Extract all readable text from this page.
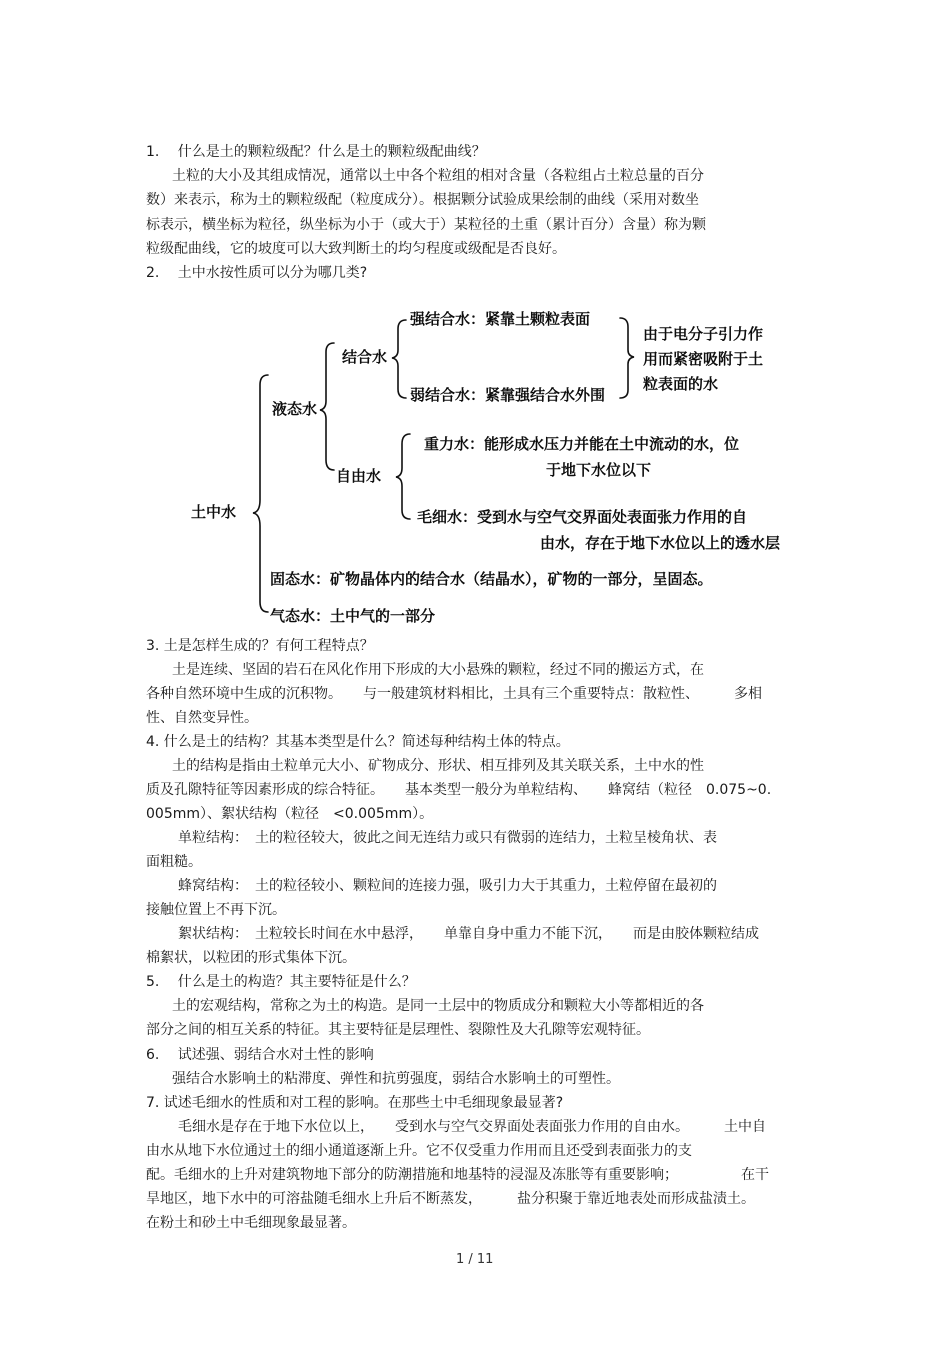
1.　 什么是土的颗粒级配？什么是土的颗粒级配曲线？
土粒的大小及其组成情况，通常以土中各个粒组的相对含量（各粒组占土粒总量的百分
数）来表示，称为土的颗粒级配（粒度成分）。根据颗分试验成果绘制的曲线（采用对数坐
标表示，横坐标为粒径，纵坐标为小于（或大于）某粒径的土重（累计百分）含量）称为颗
粒级配曲线，它的坡度可以大致判断土的均匀程度或级配是否良好。
2.　 土中水按性质可以分为哪几类?
土中水
液态水
结合水
强结合水：紧靠土颗粒表面
弱结合水：紧靠强结合水外围
由于电分子引力作
用而紧密吸附于土
粒表面的水
自由水
重力水：能形成水压力并能在土中流动的水，位
于地下水位以下
毛细水：受到水与空气交界面处表面张力作用的自
由水，存在于地下水位以上的透水层
固态水：矿物晶体内的结合水（结晶水），矿物的一部分，呈固态。
气态水：土中气的一部分
3. 土是怎样生成的？有何工程特点？
土是连续、坚固的岩石在风化作用下形成的大小悬殊的颗粒，经过不同的搬运方式，在
各种自然环境中生成的沉积物。　　与一般建筑材料相比，土具有三个重要特点：散粒性、　　　多相
性、自然变异性。
4. 什么是土的结构？其基本类型是什么？简述每种结构土体的特点。
土的结构是指由土粒单元大小、矿物成分、形状、相互排列及其关联关系，土中水的性
质及孔隙特征等因素形成的综合特征。　　基本类型一般分为单粒结构、　　蜂窝结（粒径　0.075~0.
005mm）、絮状结构（粒径　<0.005mm）。
单粒结构：　土的粒径较大，彼此之间无连结力或只有微弱的连结力，土粒呈棱角状、表
面粗糙。
蜂窝结构：　土的粒径较小、颗粒间的连接力强，吸引力大于其重力，土粒停留在最初的
接触位置上不再下沉。
絮状结构：　土粒较长时间在水中悬浮，　　单靠自身中重力不能下沉，　　而是由胶体颗粒结成
棉絮状，以粒团的形式集体下沉。
5.　 什么是土的构造？其主要特征是什么？
土的宏观结构，常称之为土的构造。是同一土层中的物质成分和颗粒大小等都相近的各
部分之间的相互关系的特征。其主要特征是层理性、裂隙性及大孔隙等宏观特征。
6.　 试述强、弱结合水对土性的影响
强结合水影响土的粘滞度、弹性和抗剪强度，弱结合水影响土的可塑性。
7. 试述毛细水的性质和对工程的影响。在那些土中毛细现象最显著?
毛细水是存在于地下水位以上，　　受到水与空气交界面处表面张力作用的自由水。　　　土中自
由水从地下水位通过土的细小通道逐渐上升。它不仅受重力作用而且还受到表面张力的支
配。毛细水的上升对建筑物地下部分的防潮措施和地基特的浸湿及冻胀等有重要影响；　　　　　在干
旱地区，地下水中的可溶盐随毛细水上升后不断蒸发，　　　盐分积聚于靠近地表处而形成盐渍土。
在粉土和砂土中毛细现象最显著。
1 / 11
